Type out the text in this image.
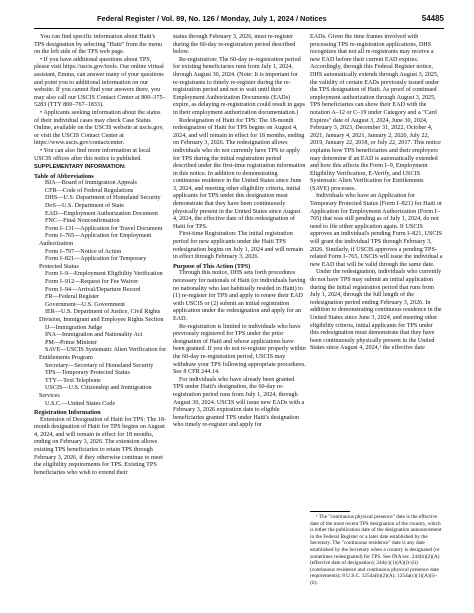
Federal Register / Vol. 89, No. 126 / Monday, July 1, 2024 / Notices	54485

You can find specific information about Haiti's TPS designation by selecting "Haiti" from the menu on the left side of the TPS web page.

• If you have additional questions about TPS, please visit https://uscis.gov/tools. Our online virtual assistant, Emma, can answer many of your questions and point you to additional information on our website. If you cannot find your answers there, you may also call our USCIS Contact Center at 800–375–5283 (TTY 800–767–1833).

• Applicants seeking information about the status of their individual cases may check Case Status Online, available on the USCIS website at uscis.gov, or visit the USCIS Contact Center at https://www.uscis.gov/contactcenter.

• You can also find more information at local USCIS offices after this notice is published.

SUPPLEMENTARY INFORMATION:
Table of Abbreviations

BIA—Board of Immigration Appeals

CFR—Code of Federal Regulations

DHS—U.S. Department of Homeland Security

DoS—U.S. Department of State

EAD—Employment Authorization Document

FNC—Final Nonconfirmation

Form I–131—Application for Travel Document

Form I–765—Application for Employment Authorization

Form I–797—Notice of Action

Form I–821—Application for Temporary Protected Status

Form I–9—Employment Eligibility Verification

Form I–912—Request for Fee Waiver

Form I–94—Arrival/Departure Record

FR—Federal Register

Government—U.S. Government

IER—U.S. Department of Justice, Civil Rights Division, Immigrant and Employee Rights Section

IJ—Immigration Judge

INA—Immigration and Nationality Act

PM—Prime Minister

SAVE—USCIS Systematic Alien Verification for Entitlements Program

Secretary—Secretary of Homeland Security

TPS—Temporary Protected Status

TTY—Text Telephone

USCIS—U.S. Citizenship and Immigration Services

U.S.C.—United States Code

Registration Information

Extension of Designation of Haiti for TPS: The 18-month designation of Haiti for TPS begins on August 4, 2024, and will remain in effect for 18 months, ending on February 3, 2026. The extension allows existing TPS beneficiaries to retain TPS through February 3, 2026, if they otherwise continue to meet the eligibility requirements for TPS. Existing TPS beneficiaries who wish to extend their

status through February 3, 2026, must re-register during the 60-day re-registration period described below.

Re-registration: The 60-day re-registration period for existing beneficiaries runs from July 1, 2024, through August 30, 2024. (Note: It is important for re-registrants to timely re-register during the re-registration period and not to wait until their Employment Authorization Documents (EADs) expire, as delaying re-registration could result in gaps in their employment authorization documentation.)

Redesignation of Haiti for TPS: The 18-month redesignation of Haiti for TPS begins on August 4, 2024, and will remain in effect for 18 months, ending on February 3, 2026. The redesignation allows individuals who do not currently have TPS to apply for TPS during the initial registration period described under the first-time registration information in this notice. In addition to demonstrating continuous residence in the United States since June 3, 2024, and meeting other eligibility criteria, initial applicants for TPS under this designation must demonstrate that they have been continuously physically present in the United States since August 4, 2024, the effective date of this redesignation of Haiti for TPS.

First-time Registration: The initial registration period for new applicants under the Haiti TPS redesignation begins on July 1, 2024 and will remain in effect through February 3, 2026.

Purpose of This Action (TPS)

Through this notice, DHS sets forth procedures necessary for nationals of Haiti (or individuals having no nationality who last habitually resided in Haiti) to (1) re-register for TPS and apply to renew their EAD with USCIS or (2) submit an initial registration application under the redesignation and apply for an EAD.

Re-registration is limited to individuals who have previously registered for TPS under the prior designation of Haiti and whose applications have been granted. If you do not re-register properly within the 60-day re-registration period, USCIS may withdraw your TPS following appropriate procedures. See 8 CFR 244.14.

For individuals who have already been granted TPS under Haiti's designation, the 60-day re-registration period runs from July 1, 2024, through August 30, 2024. USCIS will issue new EADs with a February 3, 2026 expiration date to eligible beneficiaries granted TPS under Haiti's designation who timely re-register and apply for

EADs. Given the time frames involved with processing TPS re-registration applications, DHS recognizes that not all re-registrants may receive a new EAD before their current EAD expires. Accordingly, through this Federal Register notice, DHS automatically extends through August 3, 2025, the validity of certain EADs previously issued under the TPS designation of Haiti. As proof of continued employment authorization through August 3, 2025, TPS beneficiaries can show their EAD with the notation A–12 or C–19 under Category and a "Card Expires" date of August 3, 2024, June 30, 2024, February 3, 2023, December 31, 2022, October 4, 2021, January 4, 2021, January 2, 2020, July 22, 2019, January 22, 2018, or July 22, 2017. This notice explains how TPS beneficiaries and their employers may determine if an EAD is automatically extended and how this affects the Form I–9, Employment Eligibility Verification, E-Verify, and USCIS Systematic Alien Verification for Entitlements (SAVE) processes.

Individuals who have an Application for Temporary Protected Status (Form I–821) for Haiti or Application for Employment Authorization (Form I–765) that was still pending as of July 1, 2024, do not need to file either application again. If USCIS approves an individual's pending Form I–821, USCIS will grant the individual TPS through February 3, 2026. Similarly, if USCIS approves a pending TPS-related Form I–765, USCIS will issue the individual a new EAD that will be valid through the same date.

Under the redesignation, individuals who currently do not have TPS may submit an initial application during the initial registration period that runs from July 1, 2024, through the full length of the redesignation period ending February 3, 2026. In addition to demonstrating continuous residence in the United States since June 3, 2024, and meeting other eligibility criteria, initial applicants for TPS under this redesignation must demonstrate that they have been continuously physically present in the United States since August 4, 2024,¹ the effective date

¹ The "continuous physical presence" date is the effective date of the most recent TPS designation of the country, which is either the publication date of the designation announcement in the Federal Register or a later date established by the Secretary. The "continuous residence" date is any date established by the Secretary when a country is designated (or sometimes redesignated) for TPS. See INA sec. 244(b)(2)(A) (effective date of designation); 244(c)(1)(A)(i)–(ii) (continuous residence and continuous physical presence date requirements); 8 U.S.C. 1254a(b)(2)(A); 1254a(c)(1)(A)(i)–(ii).
